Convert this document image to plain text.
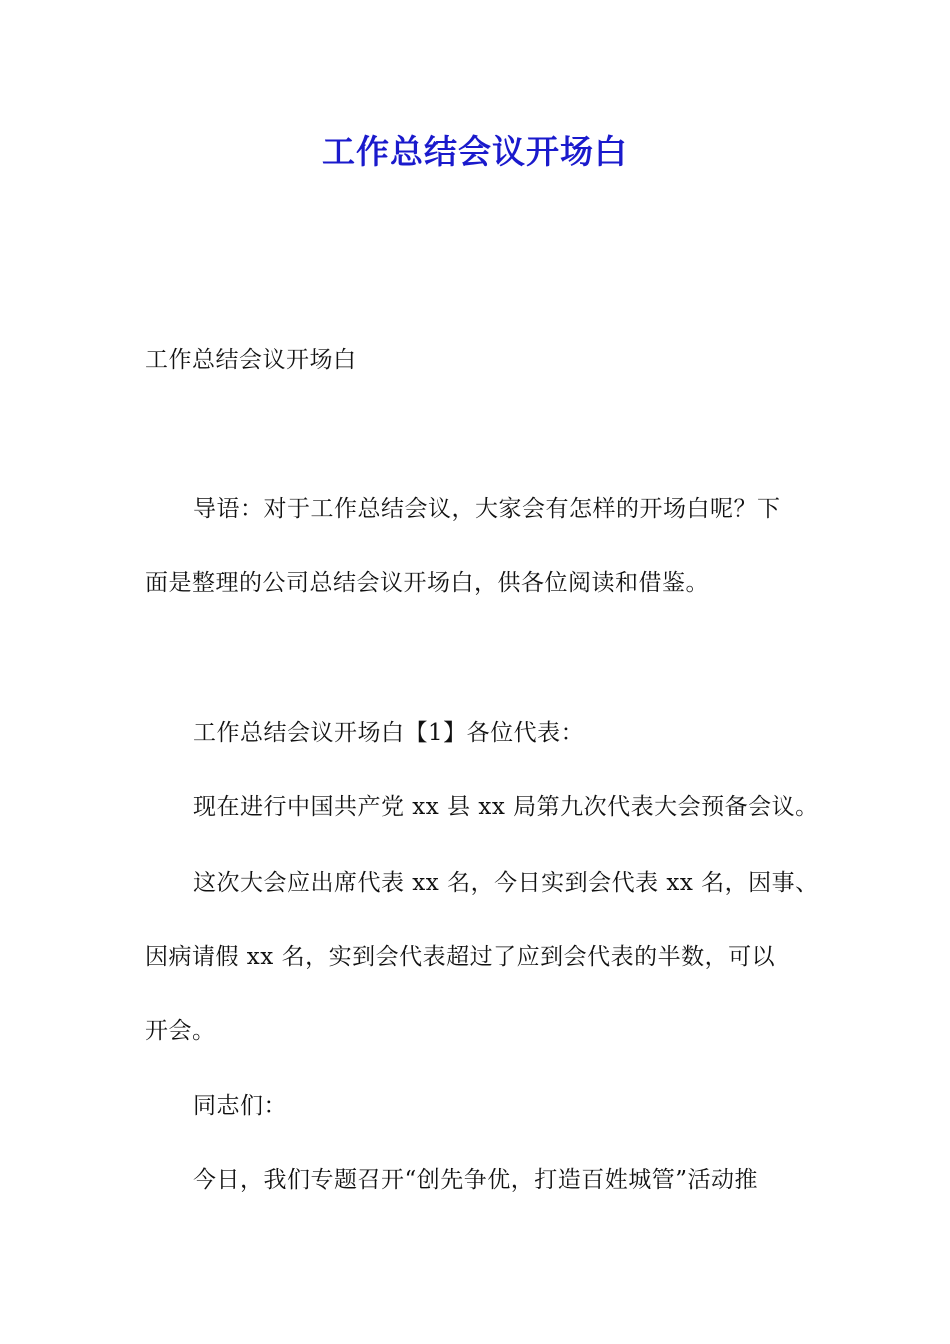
工作总结会议开场白
工作总结会议开场白
导语：对于工作总结会议，大家会有怎样的开场白呢？下
面是整理的公司总结会议开场白，供各位阅读和借鉴。
工作总结会议开场白【1】各位代表：
现在进行中国共产党 xx 县 xx 局第九次代表大会预备会议。
这次大会应出席代表 xx 名，今日实到会代表 xx 名，因事、
因病请假 xx 名，实到会代表超过了应到会代表的半数，可以
开会。
同志们：
今日，我们专题召开“创先争优，打造百姓城管”活动推
